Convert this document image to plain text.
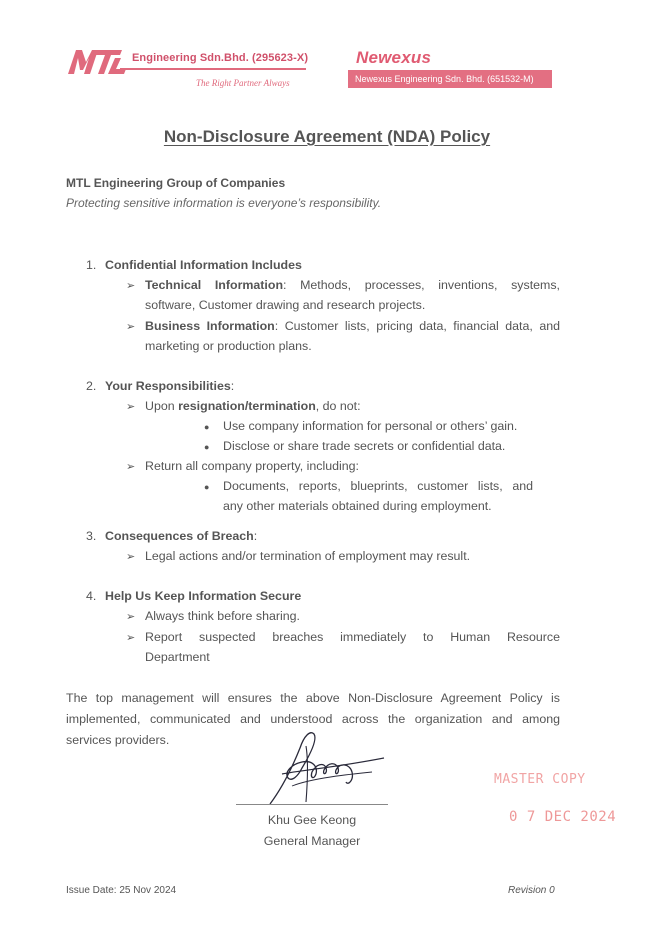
Engineering Sdn.Bhd. (295623-X)
The Right Partner Always
Newexus
Newexus Engineering Sdn. Bhd. (651532-M)
Non-Disclosure Agreement (NDA) Policy
MTL Engineering Group of Companies
Protecting sensitive information is everyone’s responsibility.
1. Confidential Information Includes
➢ Technical Information: Methods, processes, inventions, systems,
software, Customer drawing and research projects.
➢ Business Information: Customer lists, pricing data, financial data, and
marketing or production plans.
2. Your Responsibilities:
➢ Upon resignation/termination, do not:
● Use company information for personal or others’ gain.
● Disclose or share trade secrets or confidential data.
➢ Return all company property, including:
● Documents, reports, blueprints, customer lists, and
any other materials obtained during employment.
3. Consequences of Breach:
➢ Legal actions and/or termination of employment may result.
4. Help Us Keep Information Secure
➢ Always think before sharing.
➢ Report suspected breaches immediately to Human Resource
Department
The top management will ensures the above Non-Disclosure Agreement Policy is
implemented, communicated and understood across the organization and among
services providers.
Khu Gee Keong
General Manager
MASTER COPY
0 7 DEC 2024
Issue Date: 25 Nov 2024	Revision 0
